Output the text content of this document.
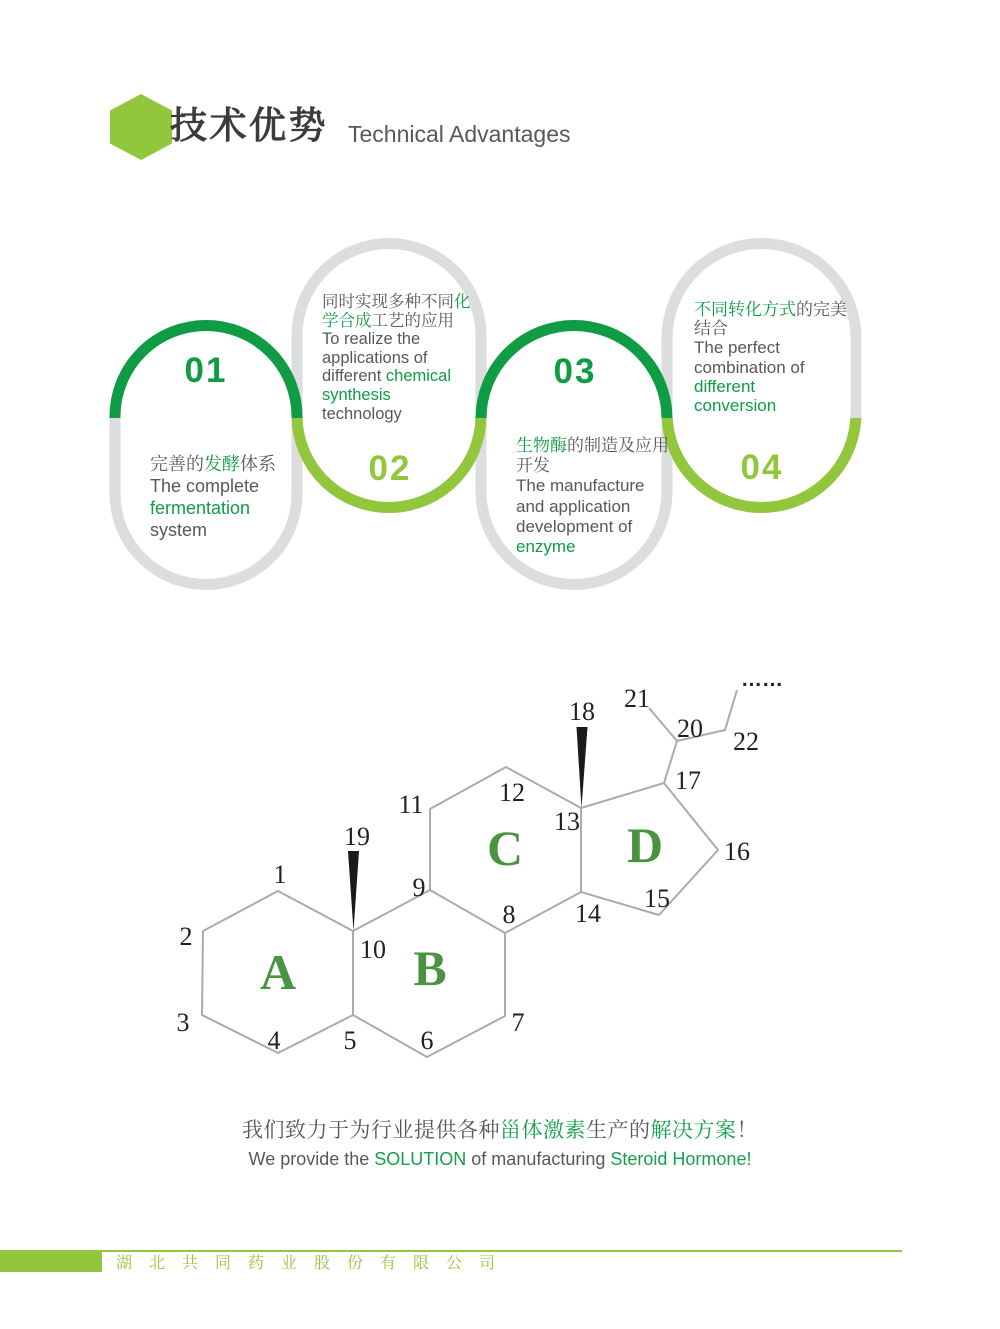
技术优势 Technical Advantages
A B
C D
1
2
3
4 5 6
7
8
9
10
11	12
13
14
15
16
17
18
19
20
21
22
……
01
02
03
04
完善的发酵体系
The complete
fermentation
system
同时实现多种不同化
学合成工艺的应用
To realize the
applications of
different chemical
synthesis
technology
生物酶的制造及应用
开发
The manufacture
and application
development of
enzyme
不同转化方式的完美
结合
The perfect
combination of
different
conversion
我们致力于为行业提供各种甾体激素生产的解决方案！
We provide the SOLUTION of manufacturing Steroid Hormone!
湖北共同药业股份有限公司
